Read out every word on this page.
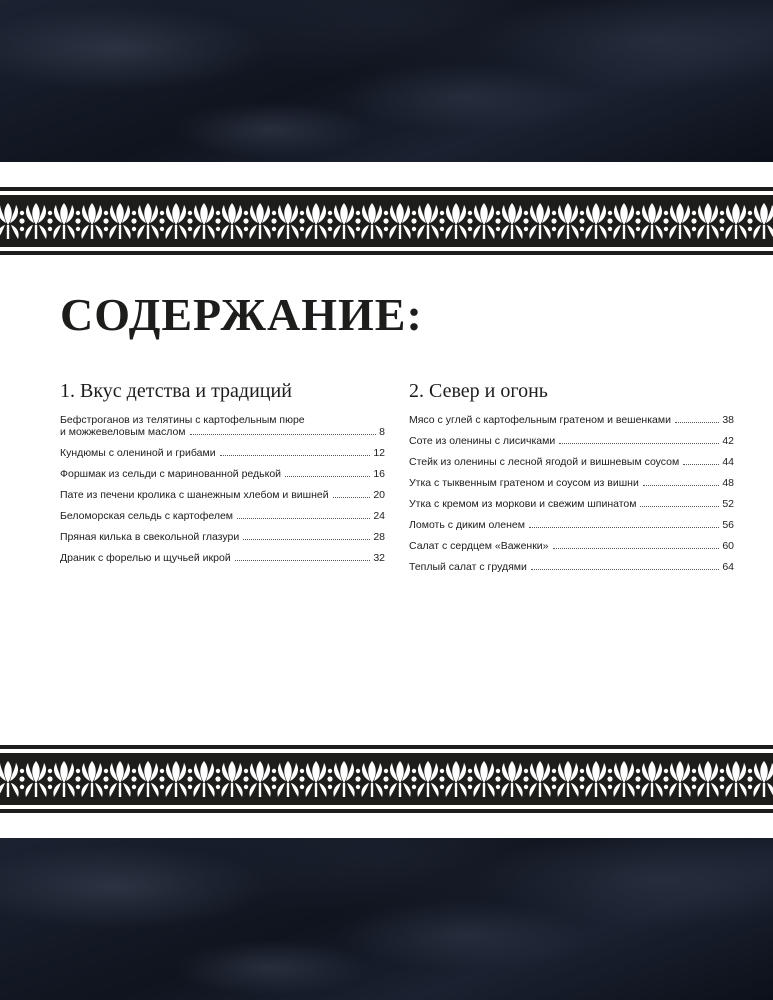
СОДЕРЖАНИЕ:
1. Вкус детства и традиций
Бефстроганов из телятины с картофельным пюре
и можжевеловым маслом	8
Кундюмы с олениной и грибами	12
Форшмак из сельди с маринованной редькой	16
Пате из печени кролика с шанежным хлебом и вишней	20
Беломорская сельдь с картофелем	24
Пряная килька в свекольной глазури	28
Драник с форелью и щучьей икрой	32
2. Север и огонь
Мясо с углей с картофельным гратеном и вешенками	38
Соте из оленины с лисичками	42
Стейк из оленины с лесной ягодой и вишневым соусом	44
Утка с тыквенным гратеном и соусом из вишни	48
Утка с кремом из моркови и свежим шпинатом	52
Ломоть с диким оленем	56
Салат с сердцем «Важенки»	60
Теплый салат с грудями	64
